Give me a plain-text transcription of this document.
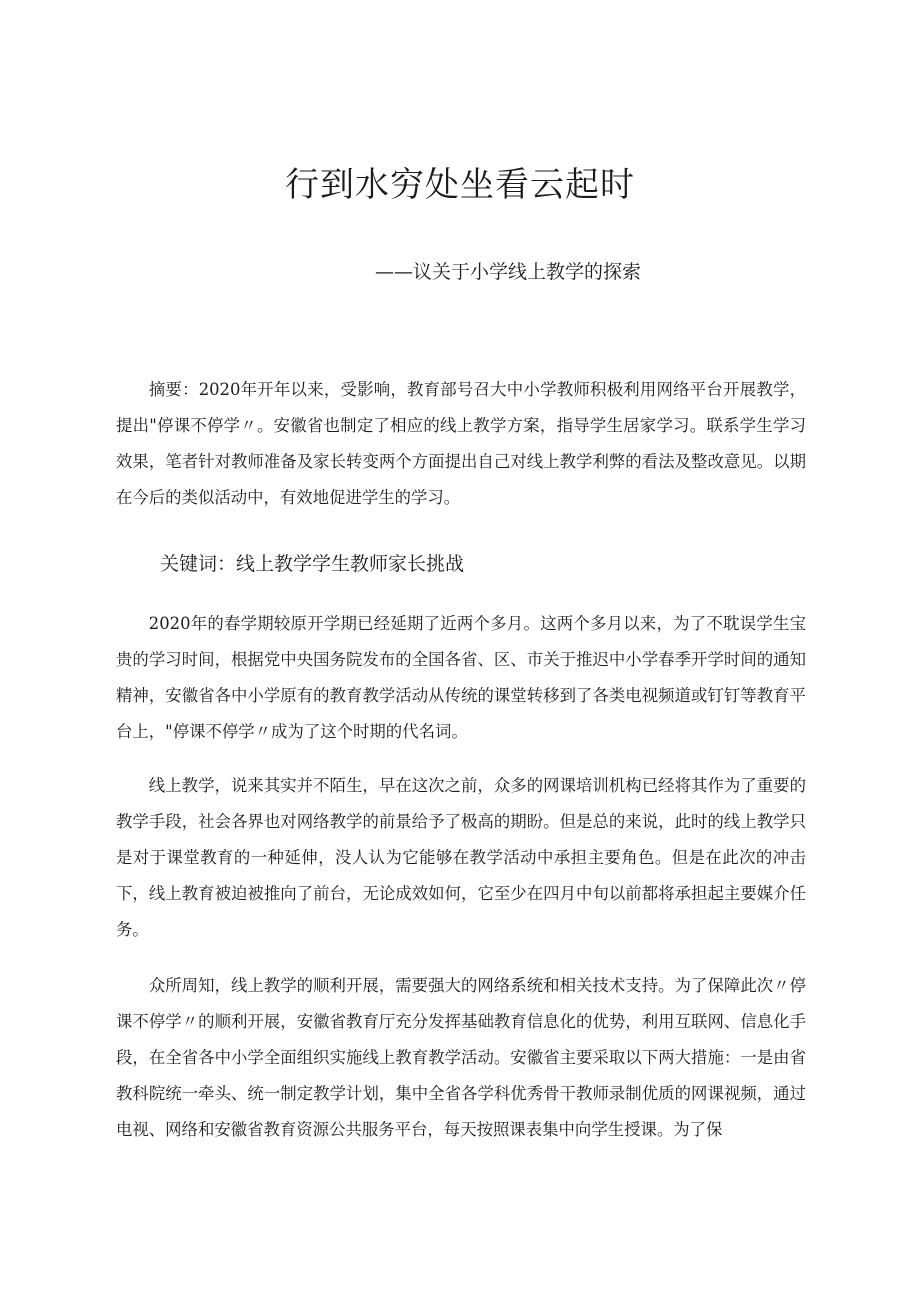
行到水穷处坐看云起时
——议关于小学线上教学的探索

摘要：2020年开年以来，受影响，教育部号召大中小学教师积极利用网络平台开展教学，提出"停课不停学〃。安徽省也制定了相应的线上教学方案，指导学生居家学习。联系学生学习效果，笔者针对教师准备及家长转变两个方面提出自己对线上教学利弊的看法及整改意见。以期在今后的类似活动中，有效地促进学生的学习。

关键词：线上教学学生教师家长挑战

2020年的春学期较原开学期已经延期了近两个多月。这两个多月以来，为了不耽误学生宝贵的学习时间，根据党中央国务院发布的全国各省、区、市关于推迟中小学春季开学时间的通知精神，安徽省各中小学原有的教育教学活动从传统的课堂转移到了各类电视频道或钉钉等教育平台上，"停课不停学〃成为了这个时期的代名词。

线上教学，说来其实并不陌生，早在这次之前，众多的网课培训机构已经将其作为了重要的教学手段，社会各界也对网络教学的前景给予了极高的期盼。但是总的来说，此时的线上教学只是对于课堂教育的一种延伸，没人认为它能够在教学活动中承担主要角色。但是在此次的冲击下，线上教育被迫被推向了前台，无论成效如何，它至少在四月中旬以前都将承担起主要媒介任务。

众所周知，线上教学的顺利开展，需要强大的网络系统和相关技术支持。为了保障此次〃停课不停学〃的顺利开展，安徽省教育厅充分发挥基础教育信息化的优势，利用互联网、信息化手段，在全省各中小学全面组织实施线上教育教学活动。安徽省主要采取以下两大措施：一是由省教科院统一牵头、统一制定教学计划，集中全省各学科优秀骨干教师录制优质的网课视频，通过电视、网络和安徽省教育资源公共服务平台，每天按照课表集中向学生授课。为了保
